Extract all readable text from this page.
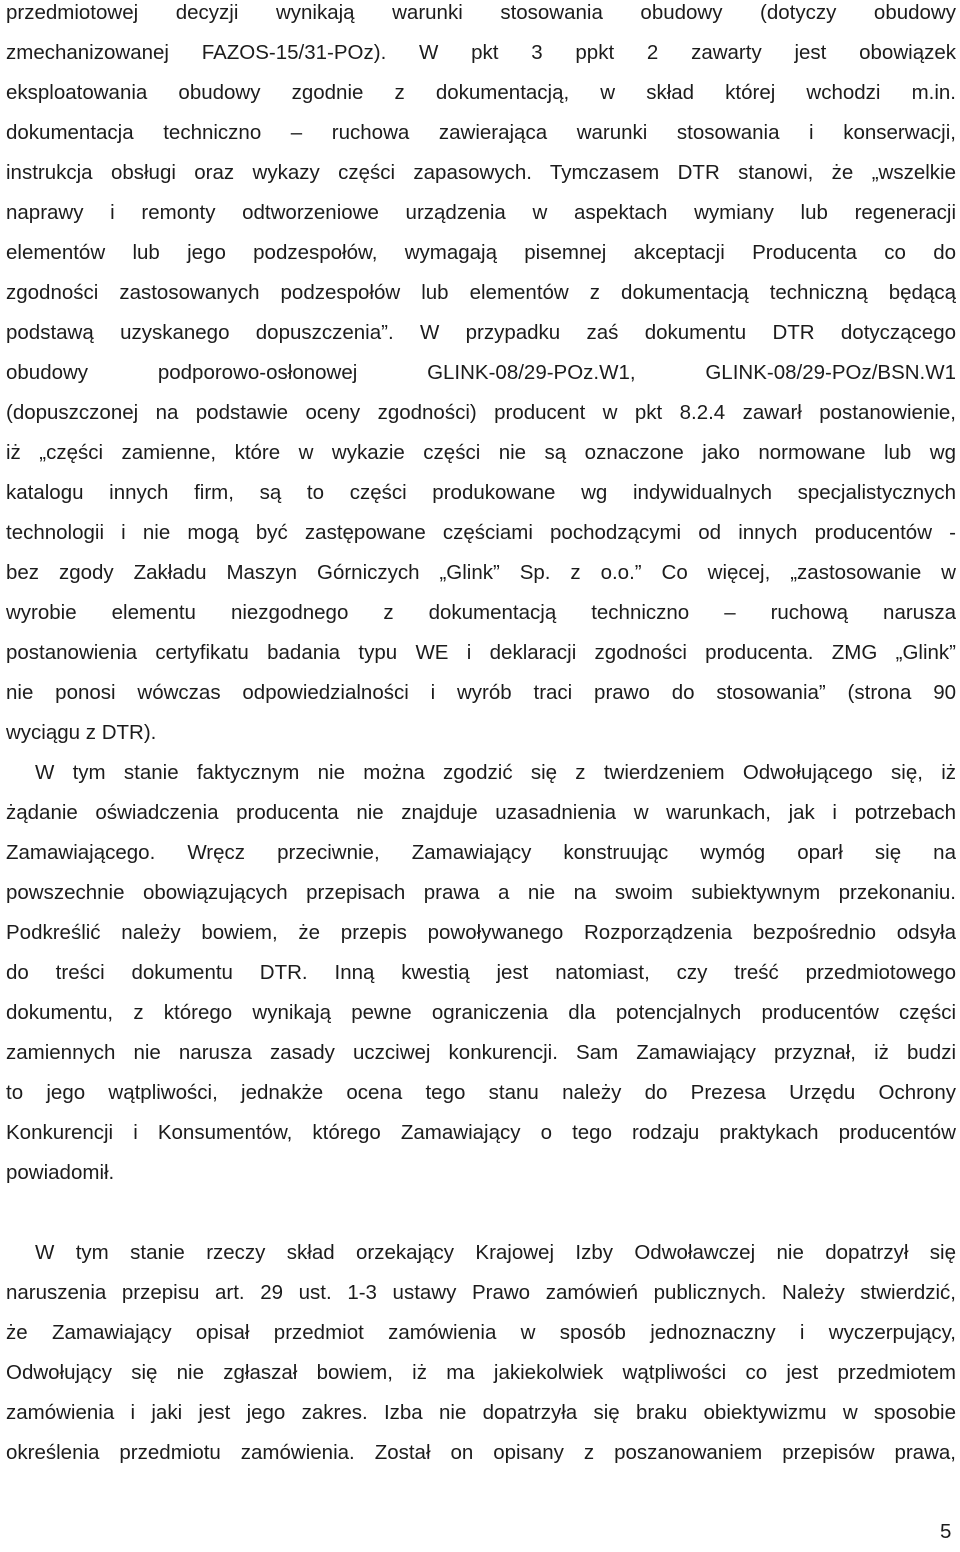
przedmiotowej decyzji wynikają warunki stosowania obudowy (dotyczy obudowy
zmechanizowanej FAZOS-15/31-POz). W pkt 3 ppkt 2 zawarty jest obowiązek
eksploatowania obudowy zgodnie z dokumentacją, w skład której wchodzi m.in.
dokumentacja techniczno – ruchowa zawierająca warunki stosowania i konserwacji,
instrukcja obsługi oraz wykazy części zapasowych. Tymczasem DTR stanowi, że „wszelkie
naprawy i remonty odtworzeniowe urządzenia w aspektach wymiany lub regeneracji
elementów lub jego podzespołów, wymagają pisemnej akceptacji Producenta co do
zgodności zastosowanych podzespołów lub elementów z dokumentacją techniczną będącą
podstawą uzyskanego dopuszczenia”. W przypadku zaś dokumentu DTR dotyczącego
obudowy podporowo-osłonowej GLINK-08/29-POz.W1, GLINK-08/29-POz/BSN.W1
(dopuszczonej na podstawie oceny zgodności) producent w pkt 8.2.4 zawarł postanowienie,
iż „części zamienne, które w wykazie części nie są oznaczone jako normowane lub wg
katalogu innych firm, są to części produkowane wg indywidualnych specjalistycznych
technologii i nie mogą być zastępowane częściami pochodzącymi od innych producentów -
bez zgody Zakładu Maszyn Górniczych „Glink” Sp. z o.o.” Co więcej, „zastosowanie w
wyrobie elementu niezgodnego z dokumentacją techniczno – ruchową narusza
postanowienia certyfikatu badania typu WE i deklaracji zgodności producenta. ZMG „Glink”
nie ponosi wówczas odpowiedzialności i wyrób traci prawo do stosowania” (strona 90
wyciągu z DTR).
W tym stanie faktycznym nie można zgodzić się z twierdzeniem Odwołującego się, iż
żądanie oświadczenia producenta nie znajduje uzasadnienia w warunkach, jak i potrzebach
Zamawiającego. Wręcz przeciwnie, Zamawiający konstruując wymóg oparł się na
powszechnie obowiązujących przepisach prawa a nie na swoim subiektywnym przekonaniu.
Podkreślić należy bowiem, że przepis powoływanego Rozporządzenia bezpośrednio odsyła
do treści dokumentu DTR. Inną kwestią jest natomiast, czy treść przedmiotowego
dokumentu, z którego wynikają pewne ograniczenia dla potencjalnych producentów części
zamiennych nie narusza zasady uczciwej konkurencji. Sam Zamawiający przyznał, iż budzi
to jego wątpliwości, jednakże ocena tego stanu należy do Prezesa Urzędu Ochrony
Konkurencji i Konsumentów, którego Zamawiający o tego rodzaju praktykach producentów
powiadomił.
W tym stanie rzeczy skład orzekający Krajowej Izby Odwoławczej nie dopatrzył się
naruszenia przepisu art. 29 ust. 1-3 ustawy Prawo zamówień publicznych. Należy stwierdzić,
że Zamawiający opisał przedmiot zamówienia w sposób jednoznaczny i wyczerpujący,
Odwołujący się nie zgłaszał bowiem, iż ma jakiekolwiek wątpliwości co jest przedmiotem
zamówienia i jaki jest jego zakres. Izba nie dopatrzyła się braku obiektywizmu w sposobie
określenia przedmiotu zamówienia. Został on opisany z poszanowaniem przepisów prawa,
5
